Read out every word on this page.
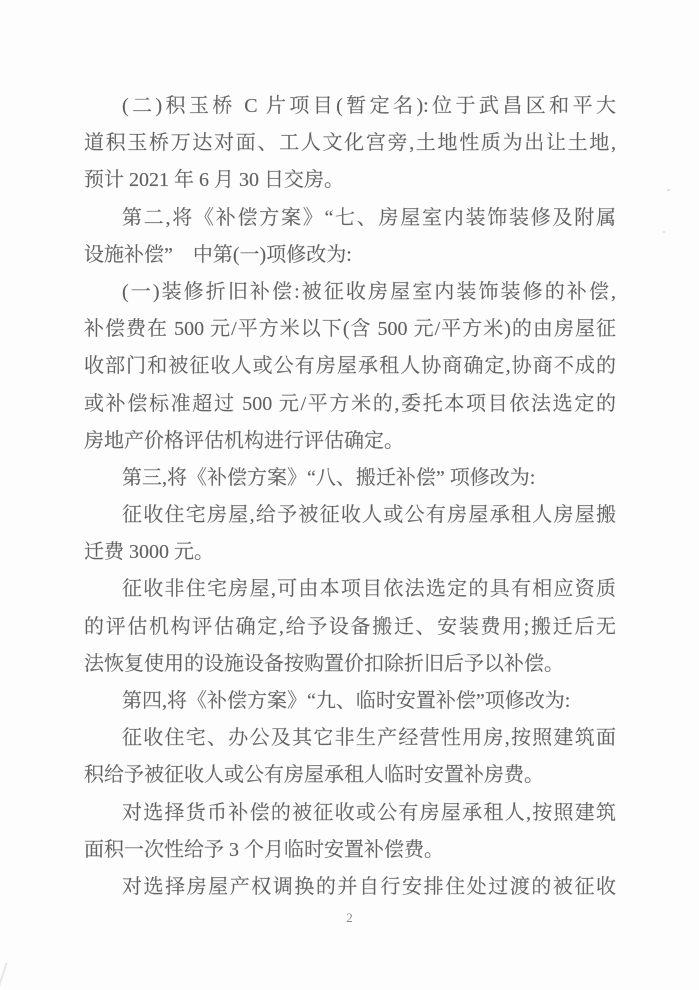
(二)积玉桥 C 片项目(暂定名):位于武昌区和平大
道积玉桥万达对面、工人文化宫旁,土地性质为出让土地,
预计 2021 年 6 月 30 日交房。
第二,将《补偿方案》“七、房屋室内装饰装修及附属
设施补偿”　中第(一)项修改为:
(一)装修折旧补偿:被征收房屋室内装饰装修的补偿,
补偿费在 500 元/平方米以下(含 500 元/平方米)的由房屋征
收部门和被征收人或公有房屋承租人协商确定,协商不成的
或补偿标准超过 500 元/平方米的,委托本项目依法选定的
房地产价格评估机构进行评估确定。
第三,将《补偿方案》“八、搬迁补偿” 项修改为:
征收住宅房屋,给予被征收人或公有房屋承租人房屋搬
迁费 3000 元。
征收非住宅房屋,可由本项目依法选定的具有相应资质
的评估机构评估确定,给予设备搬迁、安装费用;搬迁后无
法恢复使用的设施设备按购置价扣除折旧后予以补偿。
第四,将《补偿方案》“九、临时安置补偿”项修改为:
征收住宅、办公及其它非生产经营性用房,按照建筑面
积给予被征收人或公有房屋承租人临时安置补房费。
对选择货币补偿的被征收或公有房屋承租人,按照建筑
面积一次性给予 3 个月临时安置补偿费。
对选择房屋产权调换的并自行安排住处过渡的被征收
2
